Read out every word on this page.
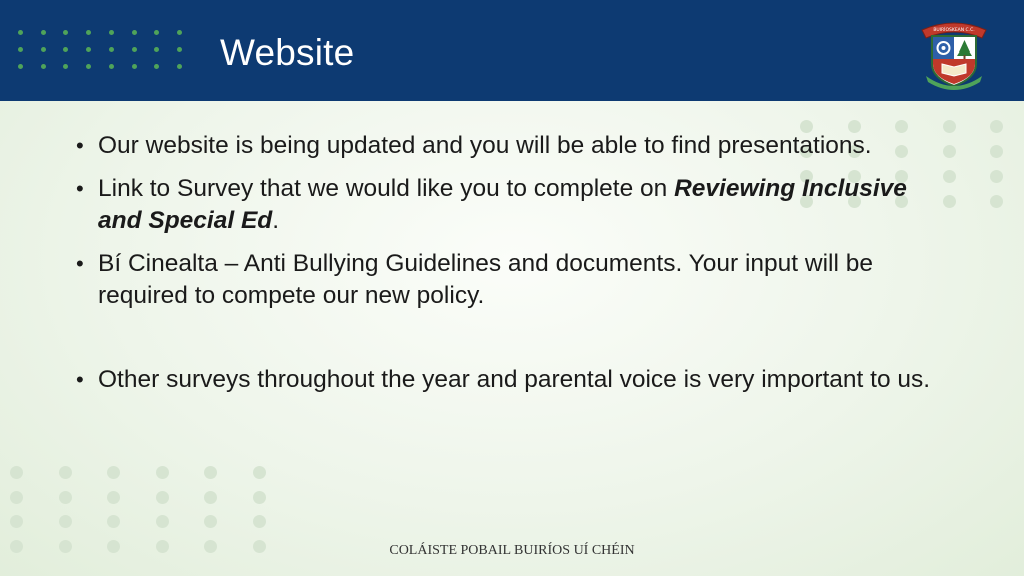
Website
BUIRÍOSKEAN C.C.
• Our website is being updated and you will be able to find presentations.
• Link to Survey that we would like you to complete on Reviewing Inclusive and Special Ed.
• Bí Cinealta – Anti Bullying Guidelines and documents. Your input will be required to compete our new policy.
• Other surveys throughout the year and parental voice is very important to us.
COLÁISTE POBAIL BUIRÍOS UÍ CHÉIN
